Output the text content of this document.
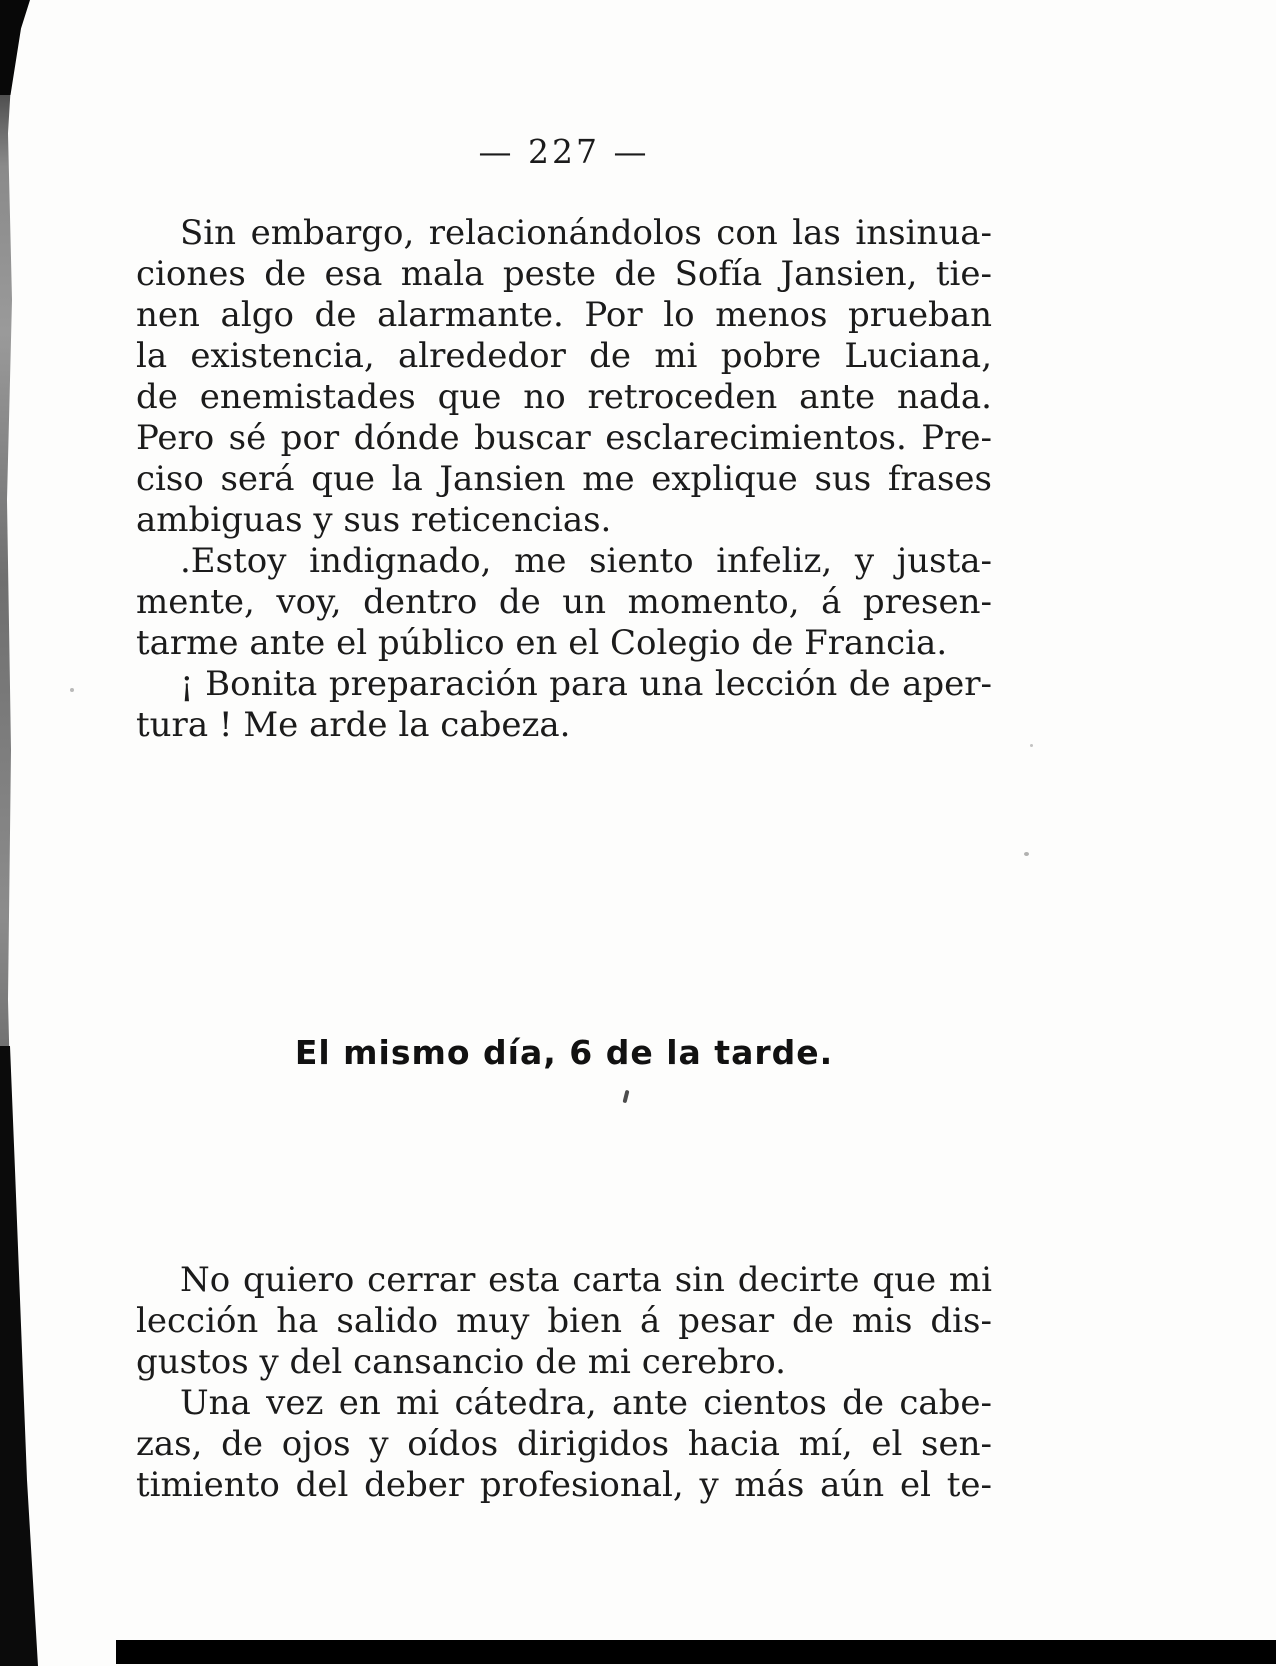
— 227 —
Sin embargo, relacionándolos con las insinua-
ciones de esa mala peste de Sofía Jansien, tie-
nen algo de alarmante. Por lo menos prueban
la existencia, alrededor de mi pobre Luciana,
de enemistades que no retroceden ante nada.
Pero sé por dónde buscar esclarecimientos. Pre-
ciso será que la Jansien me explique sus frases
ambiguas y sus reticencias.
.Estoy indignado, me siento infeliz, y justa-
mente, voy, dentro de un momento, á presen-
tarme ante el público en el Colegio de Francia.
¡ Bonita preparación para una lección de aper-
tura ! Me arde la cabeza.
El mismo día, 6 de la tarde.
No quiero cerrar esta carta sin decirte que mi
lección ha salido muy bien á pesar de mis dis-
gustos y del cansancio de mi cerebro.
Una vez en mi cátedra, ante cientos de cabe-
zas, de ojos y oídos dirigidos hacia mí, el sen-
timiento del deber profesional, y más aún el te-
